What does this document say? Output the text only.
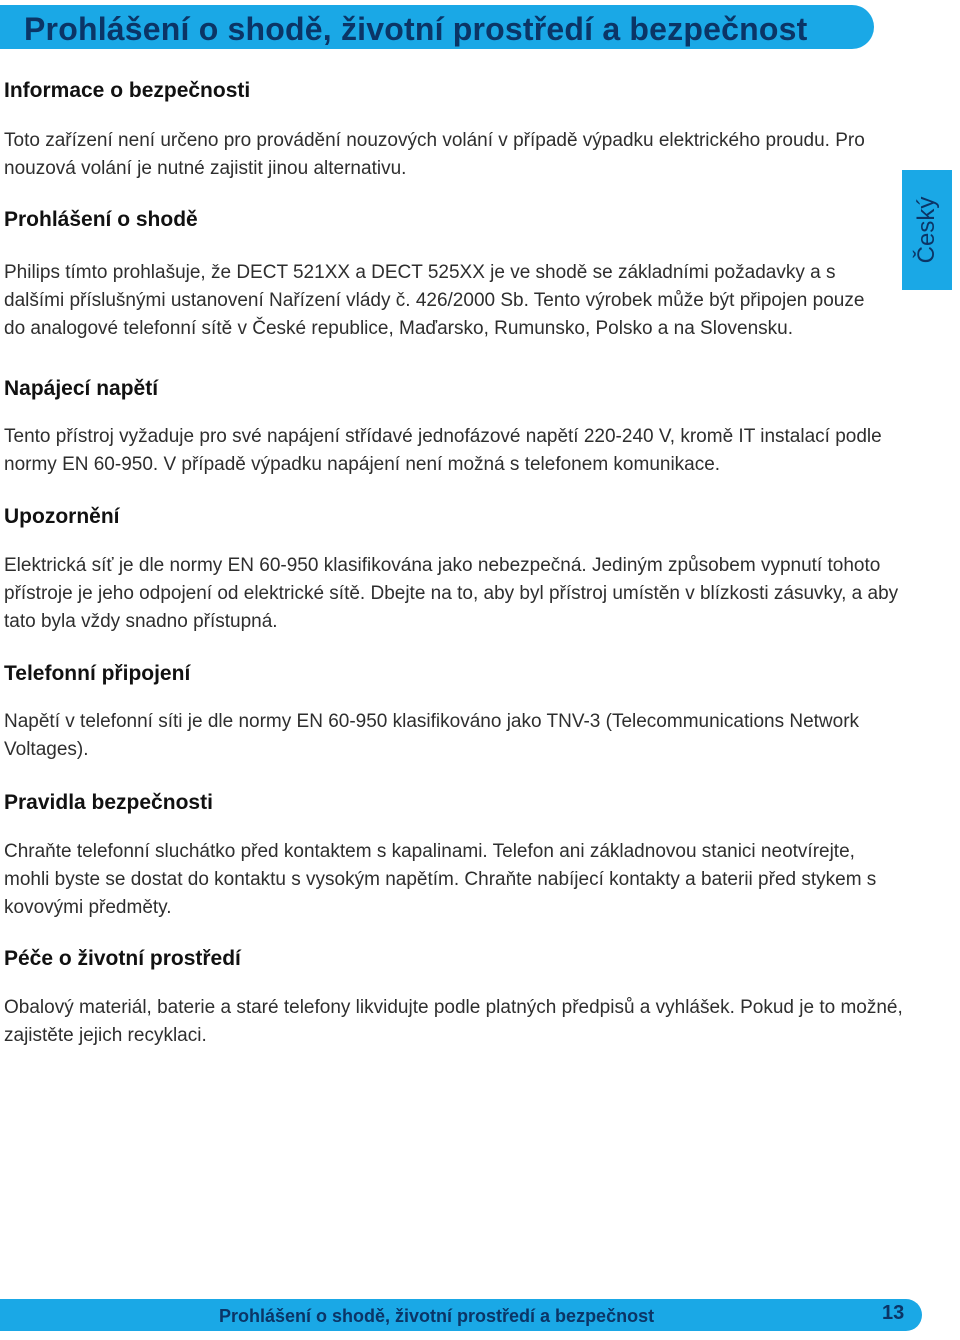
Prohlášení o shodě, životní prostředí a bezpečnost
Český
Informace o bezpečnosti

Toto zařízení není určeno pro provádění nouzových volání v případě výpadku elektrického proudu. Pro nouzová volání je nutné zajistit jinou alternativu.

Prohlášení o shodě

Philips tímto prohlašuje, že DECT 521XX a DECT 525XX je ve shodě se základními požadavky a s dalšími příslušnými ustanovení Nařízení vlády č. 426/2000 Sb. Tento výrobek může být připojen pouze do analogové telefonní sítě v České republice, Maďarsko, Rumunsko, Polsko a na Slovensku.

Napájecí napětí

Tento přístroj vyžaduje pro své napájení střídavé jednofázové napětí 220-240 V, kromě IT instalací podle normy EN 60-950. V případě výpadku napájení není možná s telefonem komunikace.

Upozornění

Elektrická síť je dle normy EN 60-950 klasifikována jako nebezpečná. Jediným způsobem vypnutí tohoto přístroje je jeho odpojení od elektrické sítě. Dbejte na to, aby byl přístroj umístěn v blízkosti zásuvky, a aby tato byla vždy snadno přístupná.

Telefonní připojení

Napětí v telefonní síti je dle normy EN 60-950 klasifikováno jako TNV-3 (Telecommunications Network Voltages).

Pravidla bezpečnosti

Chraňte telefonní sluchátko před kontaktem s kapalinami. Telefon ani základnovou stanici neotvírejte, mohli byste se dostat do kontaktu s vysokým napětím. Chraňte nabíjecí kontakty a baterii před stykem s kovovými předměty.

Péče o životní prostředí

Obalový materiál, baterie a staré telefony likvidujte podle platných předpisů a vyhlášek. Pokud je to možné, zajistěte jejich recyklaci.

Prohlášení o shodě, životní prostředí a bezpečnost	13
